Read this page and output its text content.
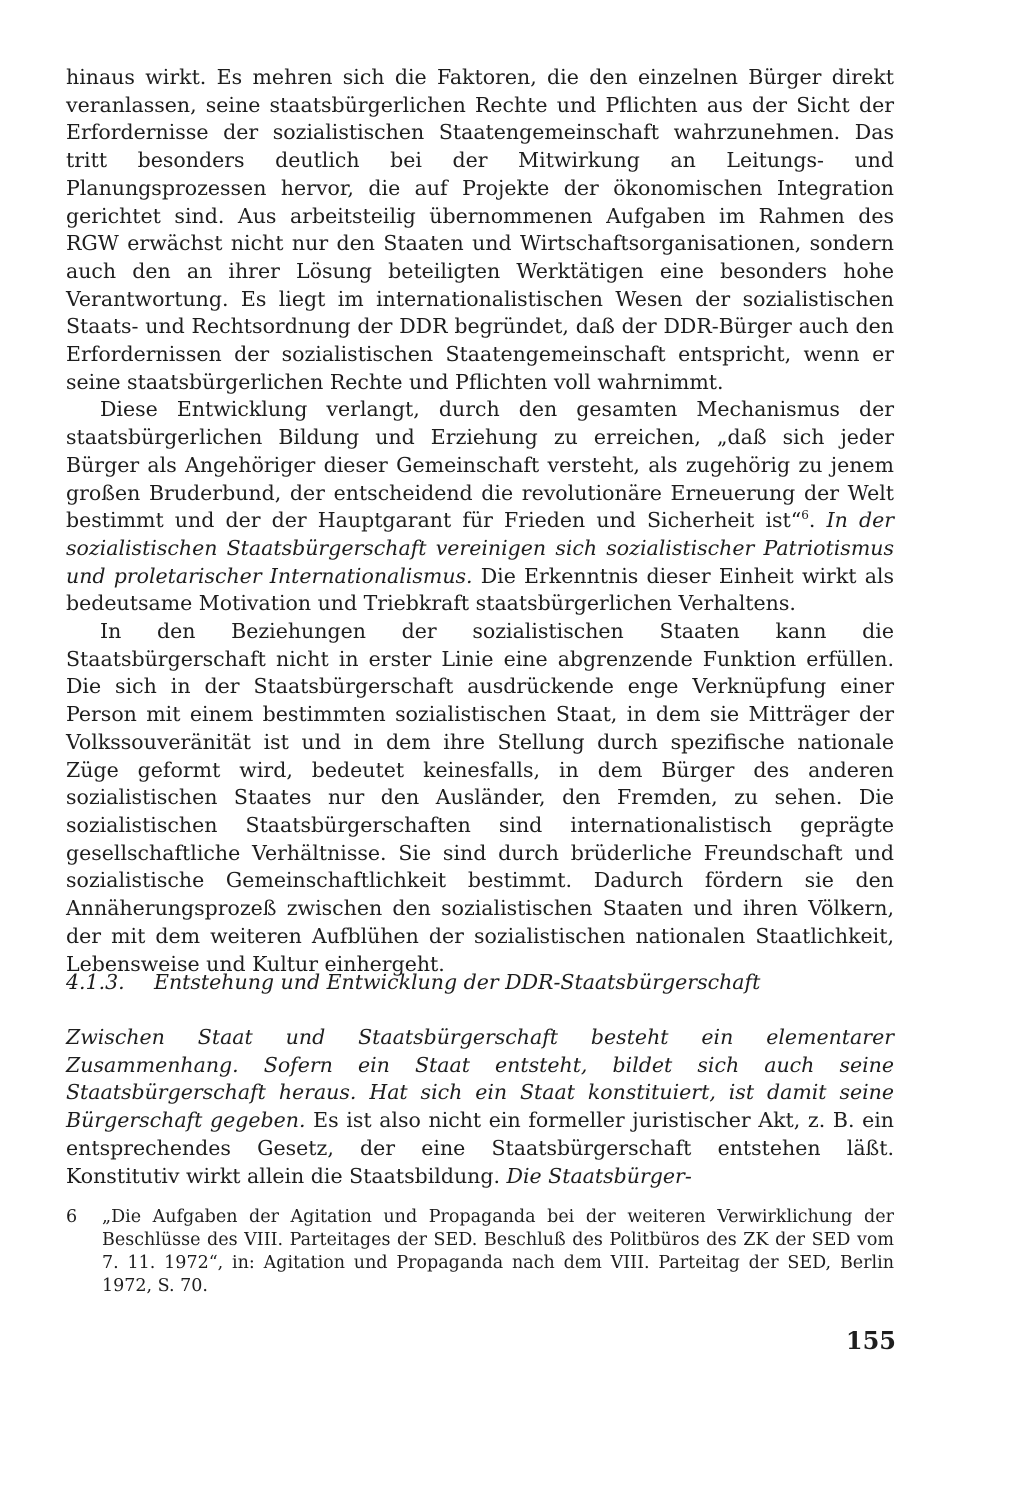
hinaus wirkt. Es mehren sich die Faktoren, die den einzelnen Bürger direkt veranlassen, seine staatsbürgerlichen Rechte und Pflichten aus der Sicht der Erfordernisse der sozialistischen Staatengemeinschaft wahrzunehmen. Das tritt besonders deutlich bei der Mitwirkung an Leitungs- und Planungsprozessen hervor, die auf Projekte der ökonomischen Integration gerichtet sind. Aus arbeitsteilig übernommenen Aufgaben im Rahmen des RGW erwächst nicht nur den Staaten und Wirtschaftsorganisationen, sondern auch den an ihrer Lösung beteiligten Werktätigen eine besonders hohe Verantwortung. Es liegt im internationalistischen Wesen der sozialistischen Staats- und Rechtsordnung der DDR begründet, daß der DDR-Bürger auch den Erfordernissen der sozialistischen Staatengemeinschaft entspricht, wenn er seine staatsbürgerlichen Rechte und Pflichten voll wahrnimmt.

Diese Entwicklung verlangt, durch den gesamten Mechanismus der staatsbürgerlichen Bildung und Erziehung zu erreichen, „daß sich jeder Bürger als Angehöriger dieser Gemeinschaft versteht, als zugehörig zu jenem großen Bruderbund, der entscheidend die revolutionäre Erneuerung der Welt bestimmt und der der Hauptgarant für Frieden und Sicherheit ist“$^6$. In der sozialistischen Staatsbürgerschaft vereinigen sich sozialistischer Patriotismus und proletarischer Internationalismus. Die Erkenntnis dieser Einheit wirkt als bedeutsame Motivation und Triebkraft staatsbürgerlichen Verhaltens.

In den Beziehungen der sozialistischen Staaten kann die Staatsbürgerschaft nicht in erster Linie eine abgrenzende Funktion erfüllen. Die sich in der Staatsbürgerschaft ausdrückende enge Verknüpfung einer Person mit einem bestimmten sozialistischen Staat, in dem sie Mitträger der Volkssouveränität ist und in dem ihre Stellung durch spezifische nationale Züge geformt wird, bedeutet keinesfalls, in dem Bürger des anderen sozialistischen Staates nur den Ausländer, den Fremden, zu sehen. Die sozialistischen Staatsbürgerschaften sind internationalistisch geprägte gesellschaftliche Verhältnisse. Sie sind durch brüderliche Freundschaft und sozialistische Gemeinschaftlichkeit bestimmt. Dadurch fördern sie den Annäherungsprozeß zwischen den sozialistischen Staaten und ihren Völkern, der mit dem weiteren Aufblühen der sozialistischen nationalen Staatlichkeit, Lebensweise und Kultur einhergeht.

4.1.3. Entstehung und Entwicklung der DDR-Staatsbürgerschaft

Zwischen Staat und Staatsbürgerschaft besteht ein elementarer Zusammenhang. Sofern ein Staat entsteht, bildet sich auch seine Staatsbürgerschaft heraus. Hat sich ein Staat konstituiert, ist damit seine Bürgerschaft gegeben. Es ist also nicht ein formeller juristischer Akt, z. B. ein entsprechendes Gesetz, der eine Staatsbürgerschaft entstehen läßt. Konstitutiv wirkt allein die Staatsbildung. Die Staatsbürger-

6	„Die Aufgaben der Agitation und Propaganda bei der weiteren Verwirklichung der Beschlüsse des VIII. Parteitages der SED. Beschluß des Politbüros des ZK der SED vom 7. 11. 1972“, in: Agitation und Propaganda nach dem VIII. Parteitag der SED, Berlin 1972, S. 70.
155
